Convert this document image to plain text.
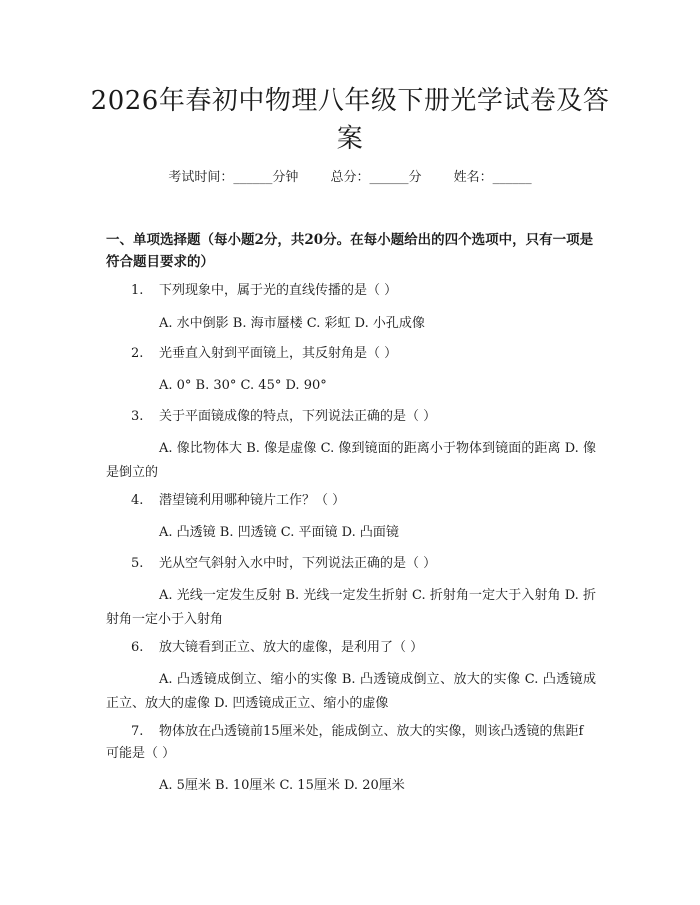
2026年春初中物理八年级下册光学试卷及答案
考试时间：______分钟 总分：______分 姓名：______
一、单项选择题（每小题2分，共20分。在每小题给出的四个选项中，只有一项是符合题目要求的）
1. 下列现象中，属于光的直线传播的是（ ）
A. 水中倒影 B. 海市蜃楼 C. 彩虹 D. 小孔成像
2. 光垂直入射到平面镜上，其反射角是（ ）
A. 0° B. 30° C. 45° D. 90°
3. 关于平面镜成像的特点，下列说法正确的是（ ）
A. 像比物体大 B. 像是虚像 C. 像到镜面的距离小于物体到镜面的距离 D. 像是倒立的
4. 潜望镜利用哪种镜片工作？（ ）
A. 凸透镜 B. 凹透镜 C. 平面镜 D. 凸面镜
5. 光从空气斜射入水中时，下列说法正确的是（ ）
A. 光线一定发生反射 B. 光线一定发生折射 C. 折射角一定大于入射角 D. 折射角一定小于入射角
6. 放大镜看到正立、放大的虚像，是利用了（ ）
A. 凸透镜成倒立、缩小的实像 B. 凸透镜成倒立、放大的实像 C. 凸透镜成正立、放大的虚像 D. 凹透镜成正立、缩小的虚像
7. 物体放在凸透镜前15厘米处，能成倒立、放大的实像，则该凸透镜的焦距f可能是（ ）
A. 5厘米 B. 10厘米 C. 15厘米 D. 20厘米
